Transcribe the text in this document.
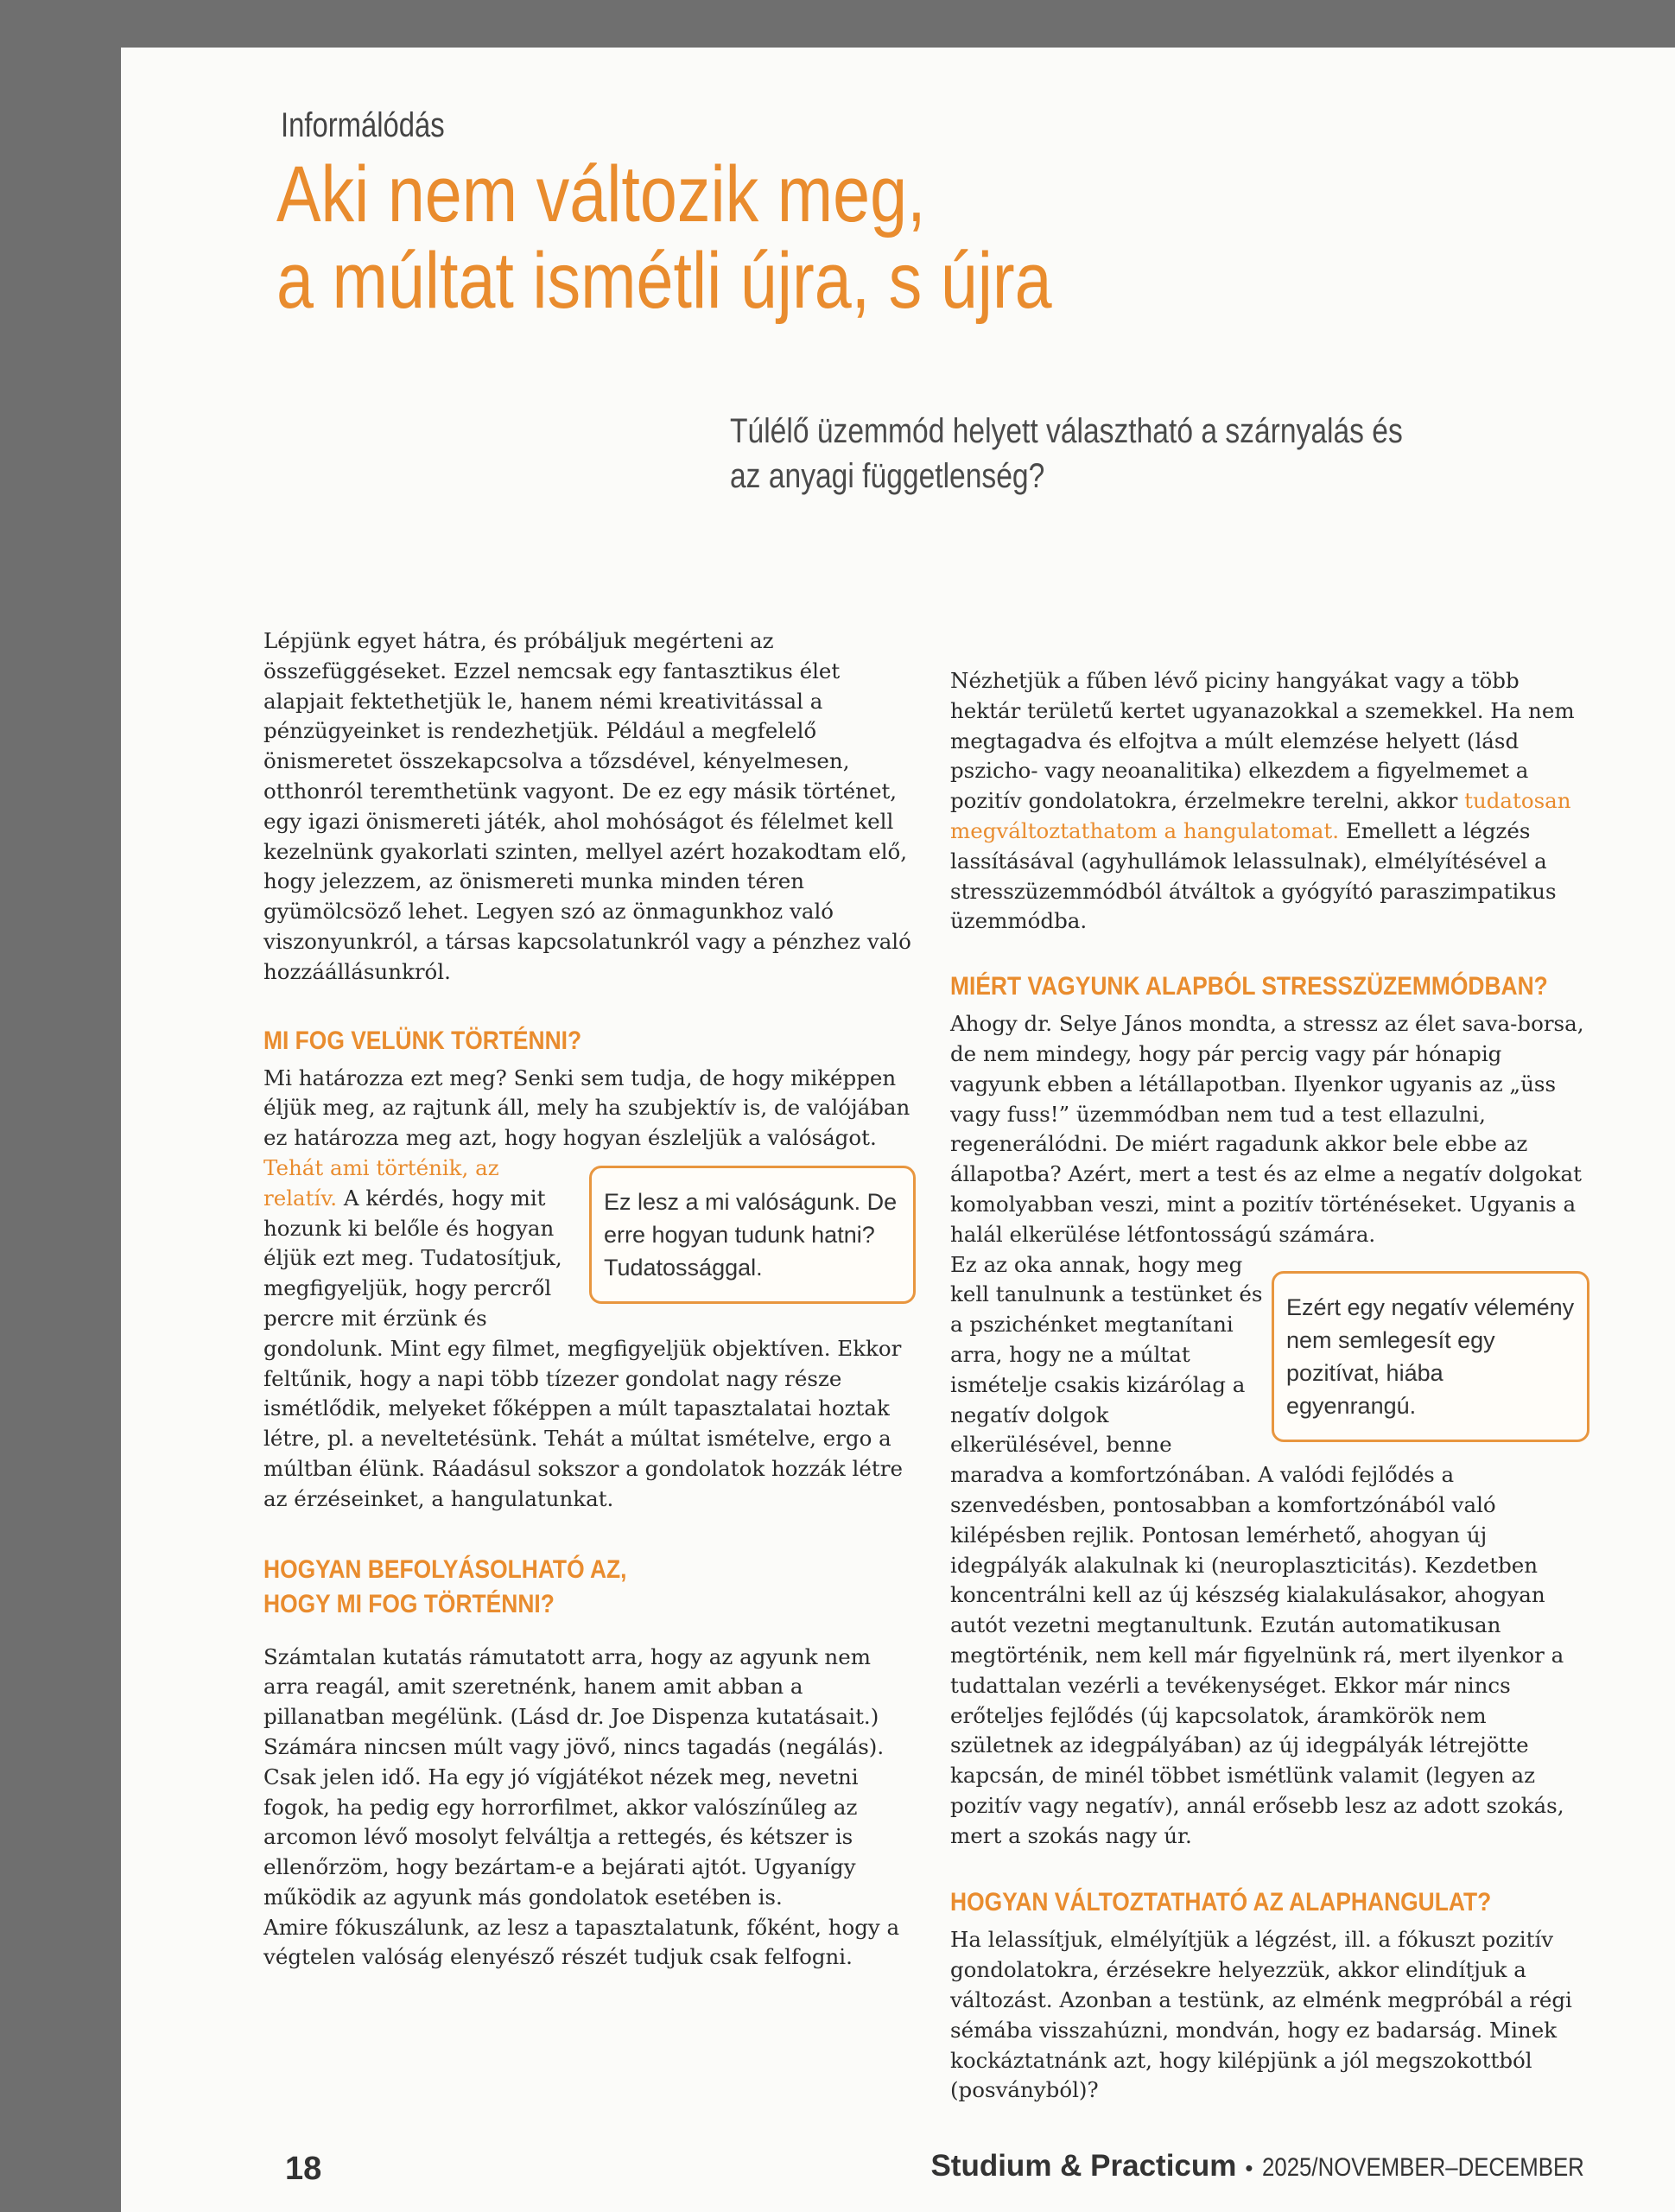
Informálódás
Aki nem változik meg,
a múltat ismétli újra, s újra
Túlélő üzemmód helyett választható a szárnyalás és
az anyagi függetlenség?

Lépjünk egyet hátra, és próbáljuk megérteni az összefüggéseket. Ezzel nemcsak egy fantasztikus élet alapjait fektethetjük le, hanem némi kreativitással a pénzügyeinket is rendezhetjük. Például a megfelelő önismeretet összekapcsolva a tőzsdével, kényelmesen, otthonról teremthetünk vagyont. De ez egy másik történet, egy igazi önismereti játék, ahol mohóságot és félelmet kell kezelnünk gyakorlati szinten, mellyel azért hozakodtam elő, hogy jelezzem, az önismereti munka minden téren gyümölcsöző lehet. Legyen szó az önmagunkhoz való viszonyunkról, a társas kapcsolatunkról vagy a pénzhez való hozzáállásunkról.

MI FOG VELÜNK TÖRTÉNNI?

Mi határozza ezt meg? Senki sem tudja, de hogy miképpen éljük meg, az rajtunk áll, mely ha szubjektív is, de valójában ez határozza meg azt, hogy hogyan észleljük a valóságot.
Ez lesz a mi valóságunk. De erre hogyan tudunk hatni? Tudatossággal.
Tehát ami történik, az relatív. A kérdés, hogy mit hozunk ki belőle és hogyan éljük ezt meg. Tudatosítjuk, megfigyeljük, hogy percről percre mit érzünk és gondolunk. Mint egy filmet, megfigyeljük objektíven. Ekkor feltűnik, hogy a napi több tízezer gondolat nagy része ismétlődik, melyeket főképpen a múlt tapasztalatai hoztak létre, pl. a neveltetésünk. Tehát a múltat ismételve, ergo a múltban élünk. Ráadásul sokszor a gondolatok hozzák létre az érzéseinket, a hangulatunkat.

HOGYAN BEFOLYÁSOLHATÓ AZ,
HOGY MI FOG TÖRTÉNNI?

Számtalan kutatás rámutatott arra, hogy az agyunk nem arra reagál, amit szeretnénk, hanem amit abban a pillanatban megélünk. (Lásd dr. Joe Dispenza kutatásait.) Számára nincsen múlt vagy jövő, nincs tagadás (negálás). Csak jelen idő. Ha egy jó vígjátékot nézek meg, nevetni fogok, ha pedig egy horrorfilmet, akkor valószínűleg az arcomon lévő mosolyt felváltja a rettegés, és kétszer is ellenőrzöm, hogy bezártam-e a bejárati ajtót. Ugyanígy működik az agyunk más gondolatok esetében is.

Amire fókuszálunk, az lesz a tapasztalatunk, főként, hogy a végtelen valóság elenyésző részét tudjuk csak felfogni.

Nézhetjük a fűben lévő piciny hangyákat vagy a több hektár területű kertet ugyanazokkal a szemekkel. Ha nem megtagadva és elfojtva a múlt elemzése helyett (lásd pszicho- vagy neoanalitika) elkezdem a figyelmemet a pozitív gondolatokra, érzelmekre terelni, akkor tudatosan megváltoztathatom a hangulatomat. Emellett a légzés lassításával (agyhullámok lelassulnak), elmélyítésével a stresszüzemmódból átváltok a gyógyító paraszimpatikus üzemmódba.

MIÉRT VAGYUNK ALAPBÓL STRESSZÜZEMMÓDBAN?

Ahogy dr. Selye János mondta, a stressz az élet sava-borsa, de nem mindegy, hogy pár percig vagy pár hónapig vagyunk ebben a létállapotban. Ilyenkor ugyanis az „üss vagy fuss!” üzemmódban nem tud a test ellazulni, regenerálódni. De miért ragadunk akkor bele ebbe az állapotba? Azért, mert a test és az elme a negatív dolgokat komolyabban veszi, mint a pozitív történéseket. Ugyanis a halál elkerülése létfontosságú számára.

Ezért egy negatív vélemény nem semlegesít egy pozitívat, hiába egyenrangú.
Ez az oka annak, hogy meg kell tanulnunk a testünket és a pszichénket megtanítani arra, hogy ne a múltat ismételje csakis kizárólag a negatív dolgok elkerülésével, benne maradva a komfortzónában. A valódi fejlődés a szenvedésben, pontosabban a komfortzónából való kilépésben rejlik. Pontosan lemérhető, ahogyan új idegpályák alakulnak ki (neuroplaszticitás). Kezdetben koncentrálni kell az új készség kialakulásakor, ahogyan autót vezetni megtanultunk. Ezután automatikusan megtörténik, nem kell már figyelnünk rá, mert ilyenkor a tudattalan vezérli a tevékenységet. Ekkor már nincs erőteljes fejlődés (új kapcsolatok, áramkörök nem születnek az idegpályában) az új idegpályák létrejötte kapcsán, de minél többet ismétlünk valamit (legyen az pozitív vagy negatív), annál erősebb lesz az adott szokás, mert a szokás nagy úr.

HOGYAN VÁLTOZTATHATÓ AZ ALAPHANGULAT?

Ha lelassítjuk, elmélyítjük a légzést, ill. a fókuszt pozitív gondolatokra, érzésekre helyezzük, akkor elindítjuk a változást. Azonban a testünk, az elménk megpróbál a régi sémába visszahúzni, mondván, hogy ez badarság. Minek kockáztatnánk azt, hogy kilépjünk a jól megszokottból (posványból)?

18	Studium & Practicum • 2025/NOVEMBER–DECEMBER
